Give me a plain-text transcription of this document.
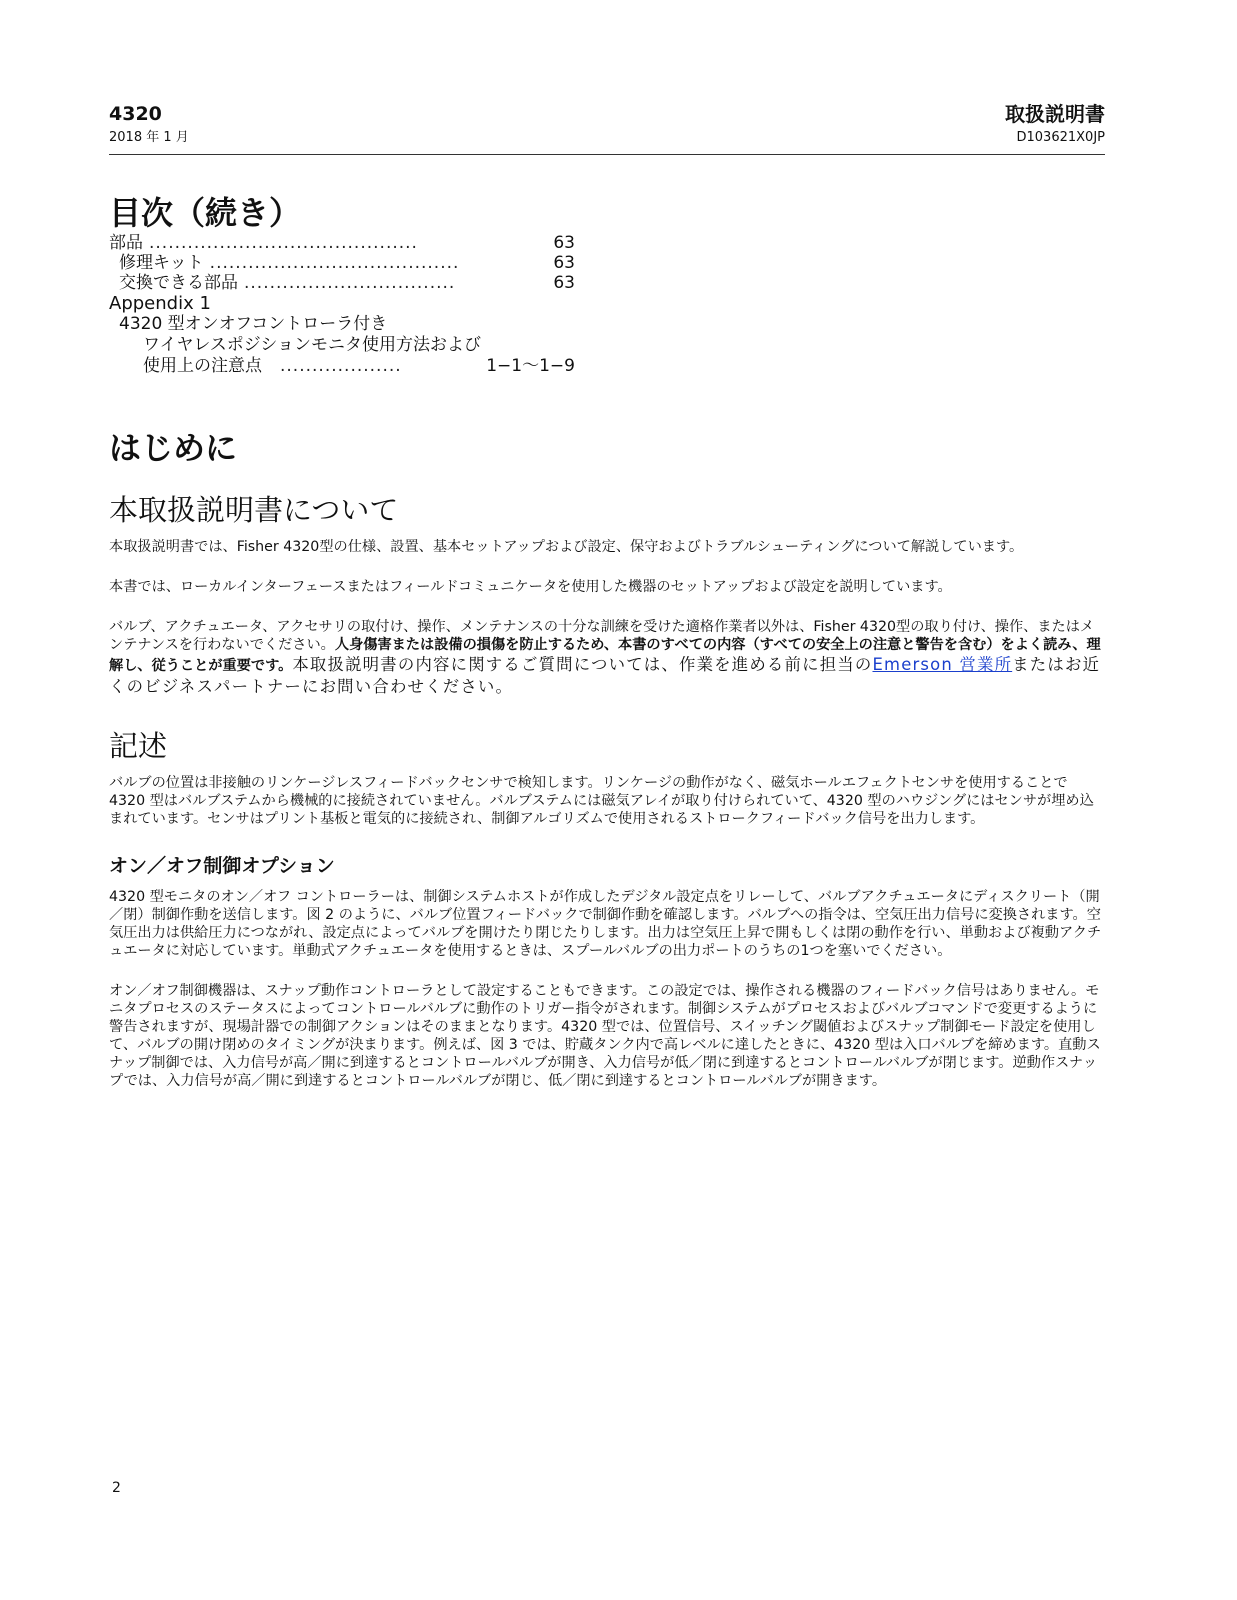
4320
2018 年 1 月
取扱説明書
D103621X0JP
目次（続き）
部品 ..........................................	63
修理キット .......................................	63
交換できる部品 .................................	63
Appendix 1
4320 型オンオフコントローラ付き
ワイヤレスポジションモニタ使用方法および
使用上の注意点	...................	1−1〜1−9
はじめに
本取扱説明書について

本取扱説明書では、Fisher 4320型の仕様、設置、基本セットアップおよび設定、保守およびトラブルシューティングについて解説しています。

本書では、ローカルインターフェースまたはフィールドコミュニケータを使用した機器のセットアップおよび設定を説明しています。

バルブ、アクチュエータ、アクセサリの取付け、操作、メンテナンスの十分な訓練を受けた適格作業者以外は、Fisher 4320型の取り付け、操作、またはメンテナンスを行わないでください。人身傷害または設備の損傷を防止するため、本書のすべての内容（すべての安全上の注意と警告を含む）をよく読み、理解し、従うことが重要です。本取扱説明書の内容に関するご質問については、作業を進める前に担当のEmerson 営業所またはお近くのビジネスパートナーにお問い合わせください。

記述

バルブの位置は非接触のリンケージレスフィードバックセンサで検知します。リンケージの動作がなく、磁気ホールエフェクトセンサを使用することで 4320 型はバルブステムから機械的に接続されていません。バルブステムには磁気アレイが取り付けられていて、4320 型のハウジングにはセンサが埋め込まれています。センサはプリント基板と電気的に接続され、制御アルゴリズムで使用されるストロークフィードバック信号を出力します。

オン／オフ制御オプション

4320 型モニタのオン／オフ コントローラーは、制御システムホストが作成したデジタル設定点をリレーして、バルブアクチュエータにディスクリート（開／閉）制御作動を送信します。図 2 のように、バルブ位置フィードバックで制御作動を確認します。バルブへの指令は、空気圧出力信号に変換されます。空気圧出力は供給圧力につながれ、設定点によってバルブを開けたり閉じたりします。出力は空気圧上昇で開もしくは閉の動作を行い、単動および複動アクチュエータに対応しています。単動式アクチュエータを使用するときは、スプールバルブの出力ポートのうちの1つを塞いでください。

オン／オフ制御機器は、スナップ動作コントローラとして設定することもできます。この設定では、操作される機器のフィードバック信号はありません。モニタプロセスのステータスによってコントロールバルブに動作のトリガー指令がされます。制御システムがプロセスおよびバルブコマンドで変更するように警告されますが、現場計器での制御アクションはそのままとなります。4320 型では、位置信号、スイッチング閾値およびスナップ制御モード設定を使用して、バルブの開け閉めのタイミングが決まります。例えば、図 3 では、貯蔵タンク内で高レベルに達したときに、4320 型は入口バルブを締めます。直動スナップ制御では、入力信号が高／開に到達するとコントロールバルブが開き、入力信号が低／閉に到達するとコントロールバルブが閉じます。逆動作スナップでは、入力信号が高／開に到達するとコントロールバルブが閉じ、低／閉に到達するとコントロールバルブが開きます。

2
